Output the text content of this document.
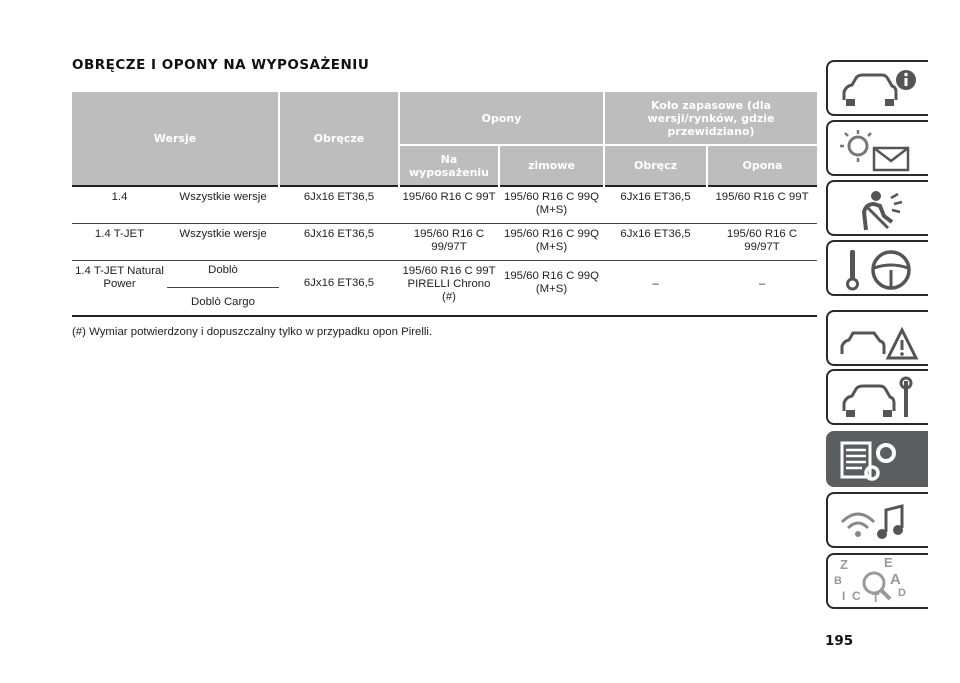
OBRĘCZE I OPONY NA WYPOSAŻENIU
Wersje		Obręcze	Opony		Koło zapasowe (dla wersji/rynków, gdzie przewidziano)	
			Na wyposażeniu	zimowe	Obręcz	Opona
1.4	Wszystkie wersje	6Jx16 ET36,5	195/60 R16 C 99T	195/60 R16 C 99Q (M+S)	6Jx16 ET36,5	195/60 R16 C 99T
1.4 T-JET	Wszystkie wersje	6Jx16 ET36,5	195/60 R16 C 99/97T	195/60 R16 C 99Q (M+S)	6Jx16 ET36,5	195/60 R16 C 99/97T
1.4 T-JET Natural Power	Doblò	6Jx16 ET36,5	195/60 R16 C 99T PIRELLI Chrono (#)	195/60 R16 C 99Q (M+S)	–	–
	Doblò Cargo					
(#) Wymiar potwierdzony i dopuszczalny tylko w przypadku opon Pirelli.
195
Z	E
B	A
C	D
I T
